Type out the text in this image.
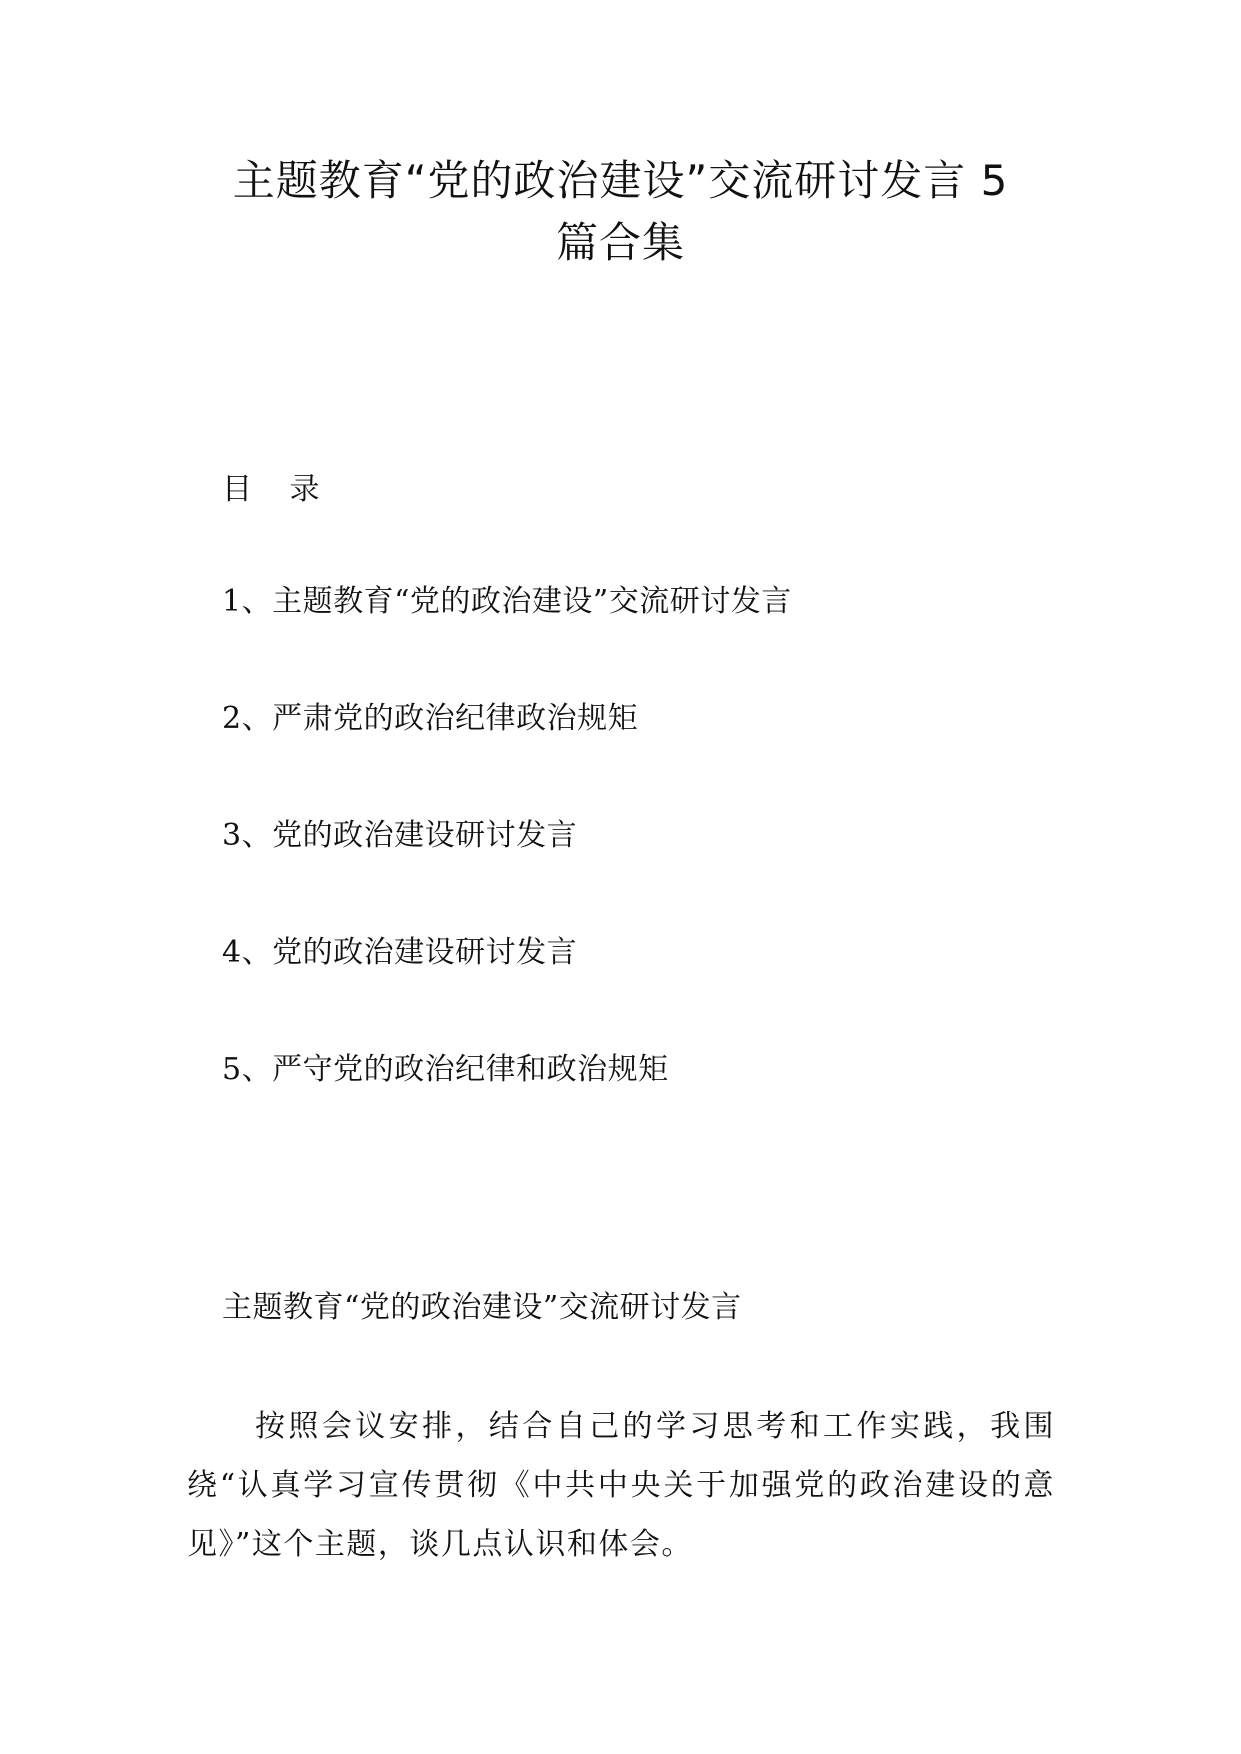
主题教育“党的政治建设”交流研讨发言 5
篇合集
目 录
1、主题教育“党的政治建设”交流研讨发言
2、严肃党的政治纪律政治规矩
3、党的政治建设研讨发言
4、党的政治建设研讨发言
5、严守党的政治纪律和政治规矩
主题教育“党的政治建设”交流研讨发言

按照会议安排，结合自己的学习思考和工作实践，我围绕“认真学习宣传贯彻《中共中央关于加强党的政治建设的意见》”这个主题，谈几点认识和体会。
